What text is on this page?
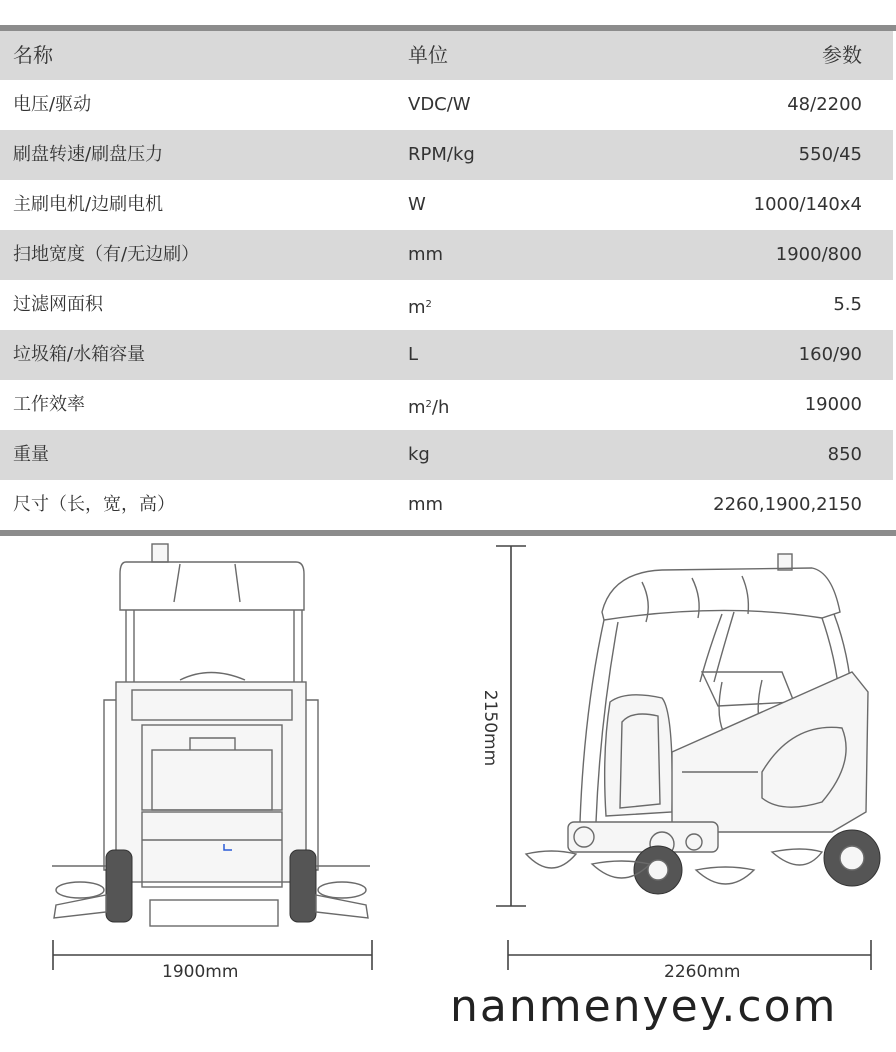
名称	单位	参数
电压/驱动	VDC/W	48/2200
刷盘转速/刷盘压力	RPM/kg	550/45
主刷电机/边刷电机	W	1000/140x4
扫地宽度（有/无边刷）	mm	1900/800
过滤网面积	$m^2$	5.5
垃圾箱/水箱容量	L	160/90
工作效率	$m^2/h$	19000
重量	kg	850
尺寸（长，宽，高）	mm	2260,1900,2150
1900mm
2150mm
2260mm
nanmenyey.com
